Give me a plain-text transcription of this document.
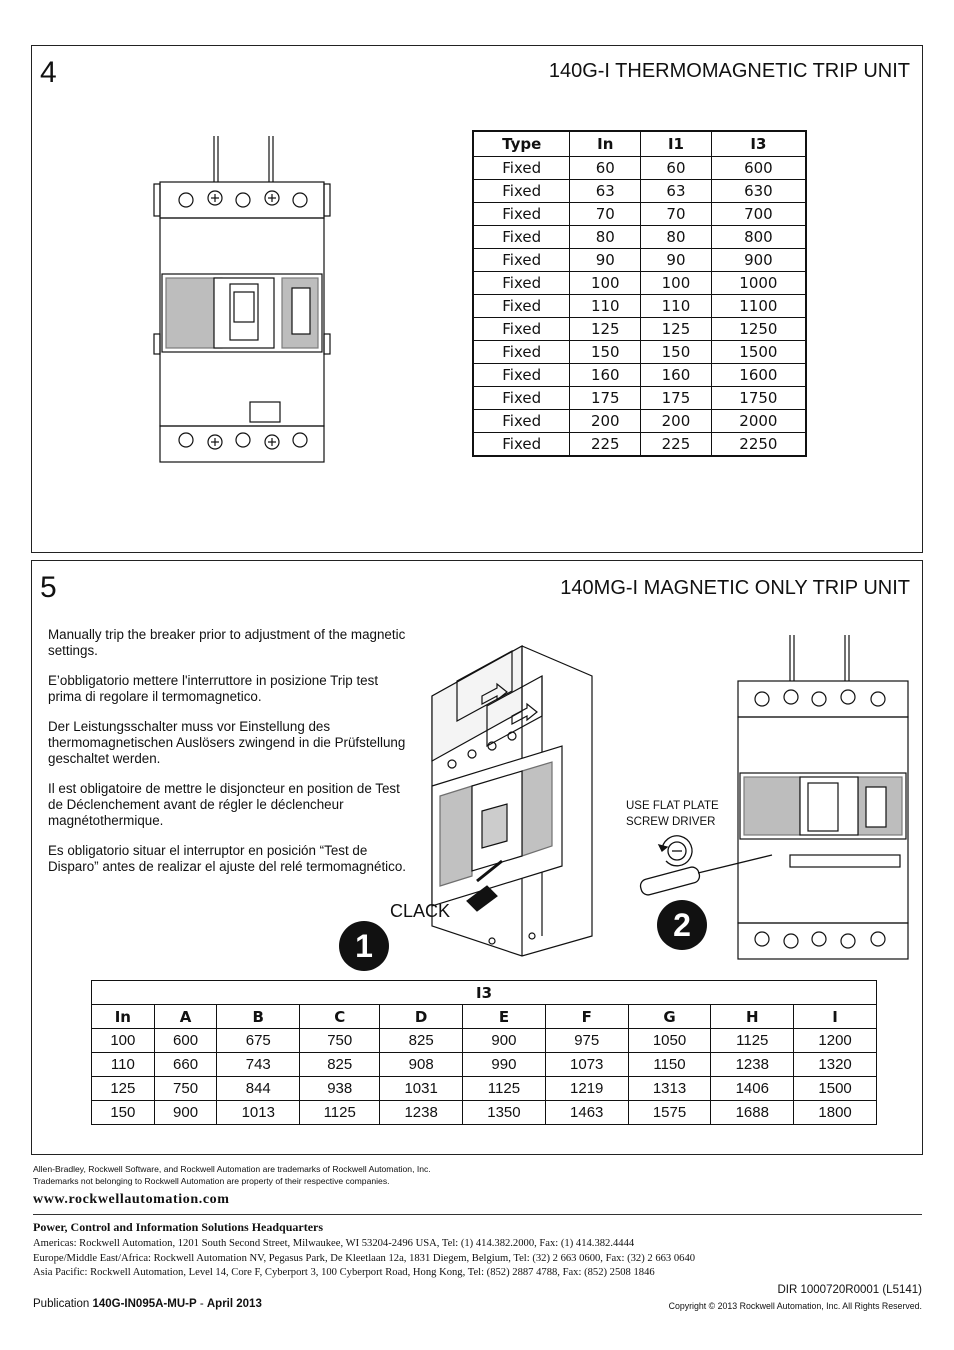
4	140G-I THERMOMAGNETIC TRIP UNIT
Type	In	I1	I3
Fixed	60	60	600
Fixed	63	63	630
Fixed	70	70	700
Fixed	80	80	800
Fixed	90	90	900
Fixed	100	100	1000
Fixed	110	110	1100
Fixed	125	125	1250
Fixed	150	150	1500
Fixed	160	160	1600
Fixed	175	175	1750
Fixed	200	200	2000
Fixed	225	225	2250
5	140MG-I MAGNETIC ONLY TRIP UNIT

Manually trip the breaker prior to adjustment of the magnetic settings.

E’obbligatorio mettere l'interruttore in posizione Trip test prima di regolare il termomagnetico.

Der Leistungsschalter muss vor Einstellung des thermomagnetischen Auslösers zwingend in die Prüfstellung geschaltet werden.

Il est obligatoire de mettre le disjoncteur en position de Test de Déclenchement avant de régler le déclencheur magnétothermique.

Es obligatorio situar el interruptor en posición “Test de Disparo” antes de realizar el ajuste del relé termomagnético.

1
CLACK	2
USE FLAT PLATE
SCREW DRIVER
I3									
In	A	B	C	D	E	F	G	H	I
100	600	675	750	825	900	975	1050	1125	1200
110	660	743	825	908	990	1073	1150	1238	1320
125	750	844	938	1031	1125	1219	1313	1406	1500
150	900	1013	1125	1238	1350	1463	1575	1688	1800
Allen-Bradley, Rockwell Software, and Rockwell Automation are trademarks of Rockwell Automation, Inc.
Trademarks not belonging to Rockwell Automation are property of their respective companies.
www.rockwellautomation.com
Power, Control and Information Solutions Headquarters
Americas: Rockwell Automation, 1201 South Second Street, Milwaukee, WI 53204-2496 USA, Tel: (1) 414.382.2000, Fax: (1) 414.382.4444
Europe/Middle East/Africa: Rockwell Automation NV, Pegasus Park, De Kleetlaan 12a, 1831 Diegem, Belgium, Tel: (32) 2 663 0600, Fax: (32) 2 663 0640
Asia Pacific: Rockwell Automation, Level 14, Core F, Cyberport 3, 100 Cyberport Road, Hong Kong, Tel: (852) 2887 4788, Fax: (852) 2508 1846
DIR 1000720R0001 (L5141)
Copyright © 2013 Rockwell Automation, Inc. All Rights Reserved.
Publication 140G-IN095A-MU-P - April 2013
